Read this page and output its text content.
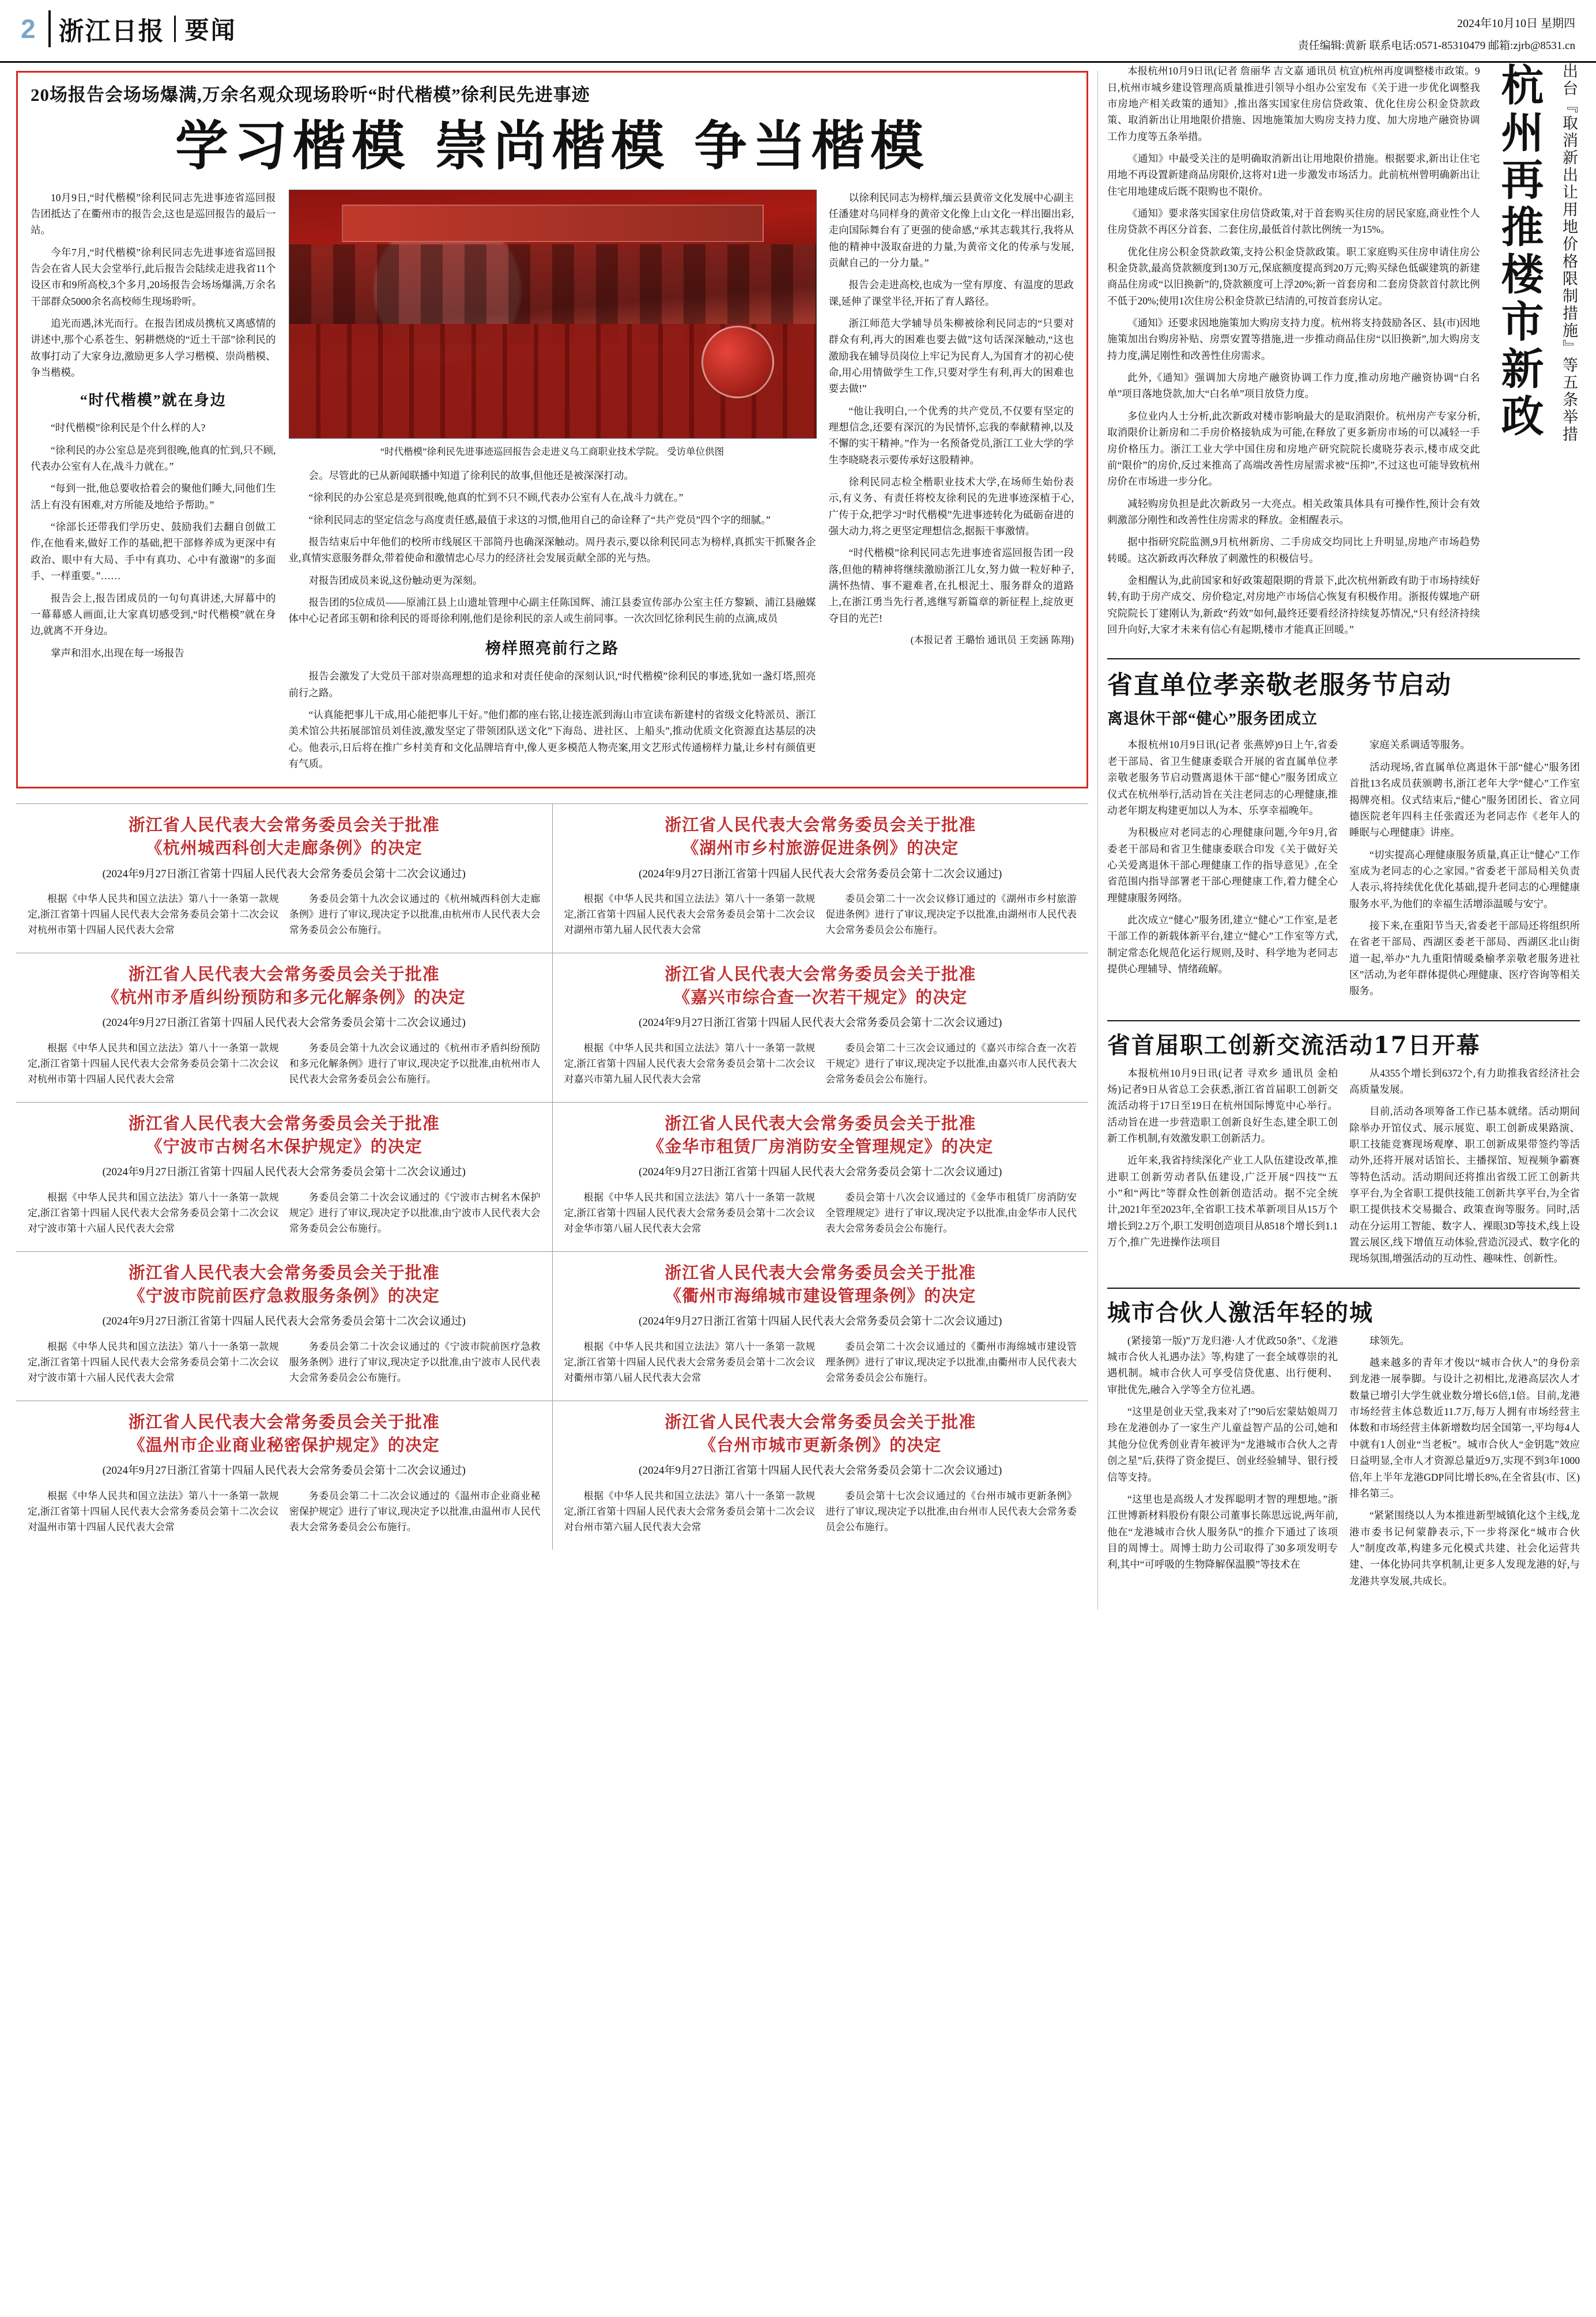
2 浙江日报 要闻	2024年10月10日 星期四
责任编辑:黄新 联系电话:0571-85310479 邮箱:zjrb@8531.cn
20场报告会场场爆满,万余名观众现场聆听“时代楷模”徐利民先进事迹
学习楷模 崇尚楷模 争当楷模

10月9日,“时代楷模”徐利民同志先进事迹省巡回报告团抵达了在衢州市的报告会,这也是巡回报告的最后一站。

今年7月,“时代楷模”徐利民同志先进事迹省巡回报告会在省人民大会堂举行,此后报告会陆续走进我省11个设区市和9所高校,3个多月,20场报告会场场爆满,万余名干部群众5000余名高校师生现场聆听。

追光而遇,沐光而行。在报告团成员携杭又离感情的讲述中,那个心系苍生、躬耕燃烧的“近土干部”徐利民的故事打动了大家身边,激励更多人学习楷模、崇尚楷模、争当楷模。

“时代楷模”就在身边

“时代楷模”徐利民是个什么样的人?

“徐利民的办公室总是亮到很晚,他真的忙到,只不顾,代表办公室有人在,战斗力就在。”

“每到一批,他总要收拾着会的聚他们睡大,同他们生活上有没有困难,对方所能及地给予帮助。”

“徐部长还带我们学历史、鼓励我们去翻自创做工作,在他看来,做好工作的基础,把干部修养成为更深中有政治、眼中有大局、手中有真功、心中有激谢”的多面手、一样重要。”……

报告会上,报告团成员的一句句真讲述,大屏幕中的一幕幕感人画面,让大家真切感受到,“时代楷模”就在身边,就离不开身边。

掌声和泪水,出现在每一场报告

“时代楷模”徐利民先进事迹巡回报告会走进义乌工商职业技术学院。 受访单位供图

会。尽管此的已从新闻联播中知道了徐利民的故事,但他还是被深深打动。

“徐利民的办公室总是亮到很晚,他真的忙到不只不顾,代表办公室有人在,战斗力就在。”

“徐利民同志的坚定信念与高度责任感,最值于求这的习惯,他用自己的命诠释了“共产党员”四个字的细腻。”

报告结束后中年他们的校所市线展区干部简丹也确深深触动。周丹表示,要以徐利民同志为榜样,真抓实干抓聚各企业,真情实意服务群众,带着使命和激情忠心尽力的经济社会发展贡献全部的光与热。

对报告团成员来说,这份触动更为深刻。

报告团的5位成员——原浦江县上山遗址管理中心副主任陈国辉、浦江县委宣传部办公室主任方黎颖、浦江县融媒体中心记者邱玉朝和徐利民的哥哥徐利刚,他们是徐利民的亲人或生前同事。一次次回忆徐利民生前的点滴,成员

榜样照亮前行之路

报告会激发了大党员干部对崇高理想的追求和对责任使命的深刻认识,“时代楷模”徐利民的事迹,犹如一盏灯塔,照亮前行之路。

“认真能把事儿干成,用心能把事儿干好。”他们都的座右铭,让接连派到海山市宣读布新建村的省级文化特派员、浙江美术馆公共拓展部馆员刘佳波,激发坚定了带领团队送文化”下海岛、进社区、上船头”,推动优质文化资源直达基层的决心。他表示,日后将在推广乡村美育和文化品牌培育中,像人更多模范人物壳案,用文艺形式传通榜样力量,让乡村有颜值更有气质。

以徐利民同志为榜样,缅云县黄帝文化发展中心副主任潘建对乌同样身的黄帝文化像上山文化一样出圈出彩,走向国际舞台有了更强的使命感,“承其志载其行,我将从他的精神中汲取奋进的力量,为黄帝文化的传承与发展,贡献自己的一分力量。”

报告会走进高校,也成为一堂有厚度、有温度的思政课,延伸了课堂半径,开拓了育人路径。

浙江师范大学辅导员朱柳被徐利民同志的“只要对群众有利,再大的困难也要去做”这句话深深触动,“这也激励我在辅导员岗位上牢记为民育人,为国育才的初心使命,用心用情做学生工作,只要对学生有利,再大的困难也要去做!”

“他让我明白,一个优秀的共产党员,不仅要有坚定的理想信念,还要有深沉的为民情怀,忘我的奉献精神,以及不懈的实干精神。”作为一名预备党员,浙江工业大学的学生李晓晓表示要传承好这股精神。

徐利民同志检全楷职业技术大学,在场师生始份表示,有义务、有责任将校友徐利民的先进事迹深植于心,广传于众,把学习“时代楷模”先进事迹转化为砥砺奋进的强大动力,将之更坚定理想信念,据振干事激情。

“时代楷模”徐利民同志先进事迹省巡回报告团一段落,但他的精神将继续激励浙江儿女,努力做一粒好种子,满怀热情、事不避难者,在扎根泥土、服务群众的道路上,在浙江勇当先行者,逃继写新篇章的新征程上,绽放更夺目的光芒!

(本报记者 王璐怡 通讯员 王奕涵 陈翔)
浙江省人民代表大会常务委员会关于批准
《杭州城西科创大走廊条例》的决定
(2024年9月27日浙江省第十四届人民代表大会常务委员会第十二次会议通过)

根据《中华人民共和国立法法》第八十一条第一款规定,浙江省第十四届人民代表大会常务委员会第十二次会议对杭州市第十四届人民代表大会常

务委员会第十九次会议通过的《杭州城西科创大走廊条例》进行了审议,现决定予以批准,由杭州市人民代表大会常务委员会公布施行。

浙江省人民代表大会常务委员会关于批准
《湖州市乡村旅游促进条例》的决定
(2024年9月27日浙江省第十四届人民代表大会常务委员会第十二次会议通过)

根据《中华人民共和国立法法》第八十一条第一款规定,浙江省第十四届人民代表大会常务委员会第十二次会议对湖州市第九届人民代表大会常

委员会第二十一次会议修订通过的《湖州市乡村旅游促进条例》进行了审议,现决定予以批准,由湖州市人民代表大会常务委员会公布施行。

浙江省人民代表大会常务委员会关于批准
《杭州市矛盾纠纷预防和多元化解条例》的决定
(2024年9月27日浙江省第十四届人民代表大会常务委员会第十二次会议通过)

根据《中华人民共和国立法法》第八十一条第一款规定,浙江省第十四届人民代表大会常务委员会第十二次会议对杭州市第十四届人民代表大会常

务委员会第十九次会议通过的《杭州市矛盾纠纷预防和多元化解条例》进行了审议,现决定予以批准,由杭州市人民代表大会常务委员会公布施行。

浙江省人民代表大会常务委员会关于批准
《嘉兴市综合查一次若干规定》的决定
(2024年9月27日浙江省第十四届人民代表大会常务委员会第十二次会议通过)

根据《中华人民共和国立法法》第八十一条第一款规定,浙江省第十四届人民代表大会常务委员会第十二次会议对嘉兴市第九届人民代表大会常

委员会第二十三次会议通过的《嘉兴市综合查一次若干规定》进行了审议,现决定予以批准,由嘉兴市人民代表大会常务委员会公布施行。

浙江省人民代表大会常务委员会关于批准
《宁波市古树名木保护规定》的决定
(2024年9月27日浙江省第十四届人民代表大会常务委员会第十二次会议通过)

根据《中华人民共和国立法法》第八十一条第一款规定,浙江省第十四届人民代表大会常务委员会第十二次会议对宁波市第十六届人民代表大会常

务委员会第二十次会议通过的《宁波市古树名木保护规定》进行了审议,现决定予以批准,由宁波市人民代表大会常务委员会公布施行。

浙江省人民代表大会常务委员会关于批准
《金华市租赁厂房消防安全管理规定》的决定
(2024年9月27日浙江省第十四届人民代表大会常务委员会第十二次会议通过)

根据《中华人民共和国立法法》第八十一条第一款规定,浙江省第十四届人民代表大会常务委员会第十二次会议对金华市第八届人民代表大会常

委员会第十八次会议通过的《金华市租赁厂房消防安全管理规定》进行了审议,现决定予以批准,由金华市人民代表大会常务委员会公布施行。

浙江省人民代表大会常务委员会关于批准
《宁波市院前医疗急救服务条例》的决定
(2024年9月27日浙江省第十四届人民代表大会常务委员会第十二次会议通过)

根据《中华人民共和国立法法》第八十一条第一款规定,浙江省第十四届人民代表大会常务委员会第十二次会议对宁波市第十六届人民代表大会常

务委员会第二十次会议通过的《宁波市院前医疗急救服务条例》进行了审议,现决定予以批准,由宁波市人民代表大会常务委员会公布施行。

浙江省人民代表大会常务委员会关于批准
《衢州市海绵城市建设管理条例》的决定
(2024年9月27日浙江省第十四届人民代表大会常务委员会第十二次会议通过)

根据《中华人民共和国立法法》第八十一条第一款规定,浙江省第十四届人民代表大会常务委员会第十二次会议对衢州市第八届人民代表大会常

委员会第二十次会议通过的《衢州市海绵城市建设管理条例》进行了审议,现决定予以批准,由衢州市人民代表大会常务委员会公布施行。

浙江省人民代表大会常务委员会关于批准
《温州市企业商业秘密保护规定》的决定
(2024年9月27日浙江省第十四届人民代表大会常务委员会第十二次会议通过)

根据《中华人民共和国立法法》第八十一条第一款规定,浙江省第十四届人民代表大会常务委员会第十二次会议对温州市第十四届人民代表大会常

务委员会第二十二次会议通过的《温州市企业商业秘密保护规定》进行了审议,现决定予以批准,由温州市人民代表大会常务委员会公布施行。

浙江省人民代表大会常务委员会关于批准
《台州市城市更新条例》的决定
(2024年9月27日浙江省第十四届人民代表大会常务委员会第十二次会议通过)

根据《中华人民共和国立法法》第八十一条第一款规定,浙江省第十四届人民代表大会常务委员会第十二次会议对台州市第六届人民代表大会常

委员会第十七次会议通过的《台州市城市更新条例》进行了审议,现决定予以批准,由台州市人民代表大会常务委员会公布施行。

本报杭州10月9日讯(记者 詹丽华 吉文嘉 通讯员 杭宣)杭州再度调整楼市政策。9日,杭州市城乡建设管理高质量推进引领导小组办公室发布《关于进一步优化调整我市房地产相关政策的通知》,推出落实国家住房信贷政策、优化住房公积金贷款政策、取消新出让用地限价措施、因地施策加大购房支持力度、加大房地产融资协调工作力度等五条举措。

《通知》中最受关注的是明确取消新出让用地限价措施。根据要求,新出让住宅用地不再设置新建商品房限价,这将对1进一步激发市场活力。此前杭州曾明确新出让住宅用地建成后既不限购也不限价。

《通知》要求落实国家住房信贷政策,对于首套购买住房的居民家庭,商业性个人住房贷款不再区分首套、二套住房,最低首付款比例统一为15%。

优化住房公积金贷款政策,支持公积金贷款政策。职工家庭购买住房申请住房公积金贷款,最高贷款额度到130万元,保底额度提高到20万元;购买绿色低碳建筑的新建商品住房或“以旧换新”的,贷款额度可上浮20%;新一首套房和二套房贷款首付款比例不低于20%;使用1次住房公积金贷款已结清的,可按首套房认定。

《通知》还要求因地施策加大购房支持力度。杭州将支持鼓励各区、县(市)因地施策加出台购房补贴、房票安置等措施,进一步推动商品住房“以旧换新”,加大购房支持力度,满足刚性和改善性住房需求。

此外,《通知》强调加大房地产融资协调工作力度,推动房地产融资协调“白名单”项目落地贷款,加大“白名单”项目放贷力度。

多位业内人士分析,此次新政对楼市影响最大的是取消限价。杭州房产专家分析,取消限价让新房和二手房价格接轨成为可能,在释放了更多新房市场的可以减轻一手房价格压力。浙江工业大学中国住房和房地产研究院院长虞晓芬表示,楼市成交此前“限价”的房价,反过来推高了高端改善性房屋需求被“压抑”,不过这也可能导致杭州房价在市场进一步分化。

减轻购房负担是此次新政另一大亮点。相关政策具体具有可操作性,预计会有效刺激部分刚性和改善性住房需求的释放。金相醒表示。

据中指研究院监测,9月杭州新房、二手房成交均同比上升明显,房地产市场趋势转暖。这次新政再次释放了刺激性的积极信号。

金相醒认为,此前国家和好政策超限期的背景下,此次杭州新政有助于市场持续好转,有助于房产成交、房价稳定,对房地产市场信心恢复有积极作用。浙报传媒地产研究院院长丁建刚认为,新政“药效”如何,最终还要看经济持续复苏情况,“只有经济持续回升向好,大家才未来有信心有起期,楼市才能真正回暖。”

杭州再推楼市新政 出台『取消新出让用地价格限制措施』等五条举措
省直单位孝亲敬老服务节启动
离退休干部“健心”服务团成立

本报杭州10月9日讯(记者 张燕婷)9日上午,省委老干部局、省卫生健康委联合开展的省直属单位孝亲敬老服务节启动暨离退休干部“健心”服务团成立仪式在杭州举行,活动旨在关注老同志的心理健康,推动老年期友构建更加以人为本、乐享幸福晚年。

为积极应对老同志的心理健康问题,今年9月,省委老干部局和省卫生健康委联合印发《关于做好关心关爱离退休干部心理健康工作的指导意见》,在全省范围内指导部署老干部心理健康工作,着力健全心理健康服务网络。

此次成立“健心”服务团,建立“健心”工作室,是老干部工作的新载体新平台,建立“健心”工作室等方式,制定常态化规范化运行规则,及时、科学地为老同志提供心理辅导、情绪疏解。

家庭关系调适等服务。

活动现场,省直属单位离退休干部“健心”服务团首批13名成员获颁聘书,浙江老年大学“健心”工作室揭牌亮相。仪式结束后,“健心”服务团团长、省立同德医院老年四科主任张霞还为老同志作《老年人的睡眠与心理健康》讲座。

“切实提高心理健康服务质量,真正让“健心”工作室成为老同志的心之家园。”省委老干部局相关负责人表示,将持续优化优化基础,提升老同志的心理健康服务水平,为他们的幸福生活增添温暖与安宁。

接下来,在重阳节当天,省委老干部局还将组织所在省老干部局、西湖区委老干部局、西湖区北山街道一起,举办“九九重阳情暖桑榆孝亲敬老服务进社区”活动,为老年群体提供心理健康、医疗咨询等相关服务。

省首届职工创新交流活动17日开幕

本报杭州10月9日讯(记者 寻欢乡 通讯员 金柏炀)记者9日从省总工会获悉,浙江省首届职工创新交流活动将于17日至19日在杭州国际博览中心举行。活动旨在进一步营造职工创新良好生态,建全职工创新工作机制,有效激发职工创新活力。

近年来,我省持续深化产业工人队伍建设改革,推进职工创新劳动者队伍建设,广泛开展“四技”“五小”和“两比”等群众性创新创造活动。据不完全统计,2021年至2023年,全省职工技术革新项目从15万个增长到2.2万个,职工发明创造项目从8518个增长到1.1万个,推广先进操作法项目

从4355个增长到6372个,有力助推我省经济社会高质量发展。

目前,活动各项筹备工作已基本就绪。活动期间除举办开馆仪式、展示展览、职工创新成果路演、职工技能竞赛现场观摩、职工创新成果带签约等活动外,还将开展对话馆长、主播探馆、短视频争霸赛等特色活动。活动期间还将推出省级工匠工创新共享平台,为全省职工提供技能工创新共享平台,为全省职工提供技术交易撮合、政策查询等服务。同时,活动在分运用工智能、数字人、裸眼3D等技术,线上设置云展区,线下增值互动体验,营造沉浸式、数字化的现场氛围,增强活动的互动性、趣味性、创新性。

城市合伙人激活年轻的城

(紧接第一版)”万龙归港·人才优政50条”、《龙港城市合伙人礼遇办法》等,构建了一套全域尊崇的礼遇机制。城市合伙人可享受信贷优惠、出行便利、审批优先,融合入学等全方位礼遇。

“这里是创业天堂,我来对了!”90后宏蒙姑娘周刀珍在龙港创办了一家生产儿童益智产品的公司,她和其他分位优秀创业青年被评为“龙港城市合伙人之青创之星”后,获得了资金提巨、创业经验辅导、银行授信等支持。

“这里也是高级人才发挥聪明才智的理想地。”浙江世博新材料股份有限公司董事长陈思远说,两年前,他在“龙港城市合伙人服务队”的推介下通过了该项目的周博士。周博士助力公司取得了30多项发明专利,其中“可呼吸的生物降解保温膜”等技术在

球领先。

越来越多的青年才俊以“城市合伙人”的身份亲到龙港一展拳脚。与设计之初相比,龙港高层次人才数量已增引大学生就业数分增长6倍,1倍。目前,龙港市场经营主体总数近11.7万,每万人拥有市场经营主体数和市场经营主体新增数均居全国第一,平均每4人中就有1人创业“当老板”。城市合伙人“金钥匙”效应日益明显,全市人才资源总量近9万,实现不到3年1000倍,年上半年龙港GDP同比增长8%,在全省县(市、区)排名第三。

“紧紧围绕以人为本推进新型城镇化这个主线,龙港市委书记何蒙静表示,下一步将深化“城市合伙人”制度改革,构建多元化模式共建、社会化运营共建、一体化协同共享机制,让更多人发现龙港的好,与龙港共享发展,共成长。
